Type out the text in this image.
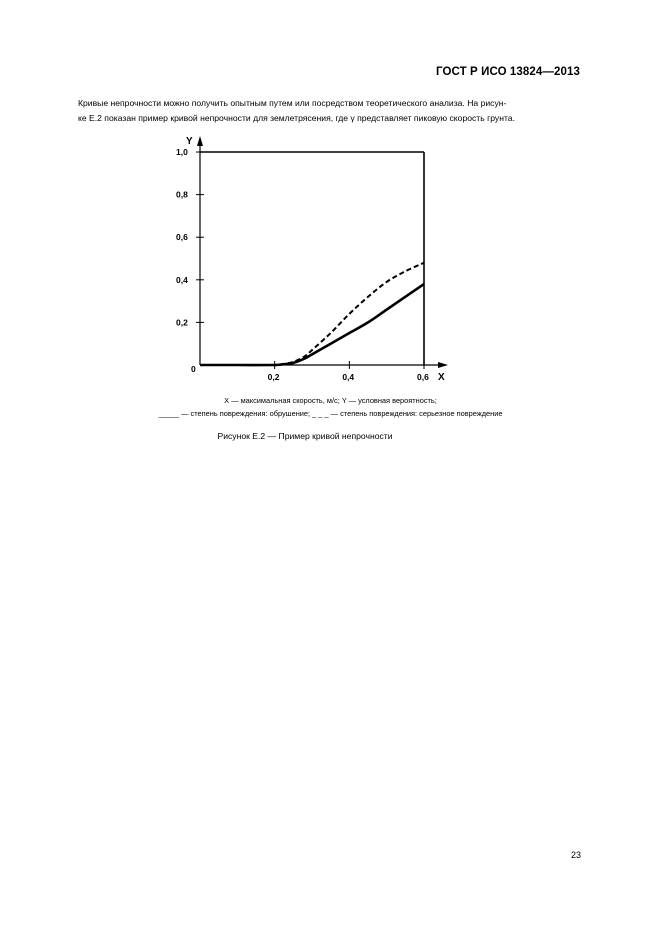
ГОСТ Р ИСО 13824—2013

Кривые непрочности можно получить опытным путем или посредством теоретического анализа. На рисун-

ке Е.2 показан пример кривой непрочности для землетрясения, где γ представляет пиковую скорость грунта.

Y
X
0
0,2
0,4
0,6
0,8
1,0
0,2	0,4	0,6
X — максимальная скорость, м/с; Y — условная вероятность;
_____ — степень повреждения: обрушение; _ _ _ — степень повреждения: серьезное повреждение
Рисунок Е.2 — Пример кривой непрочности
23
